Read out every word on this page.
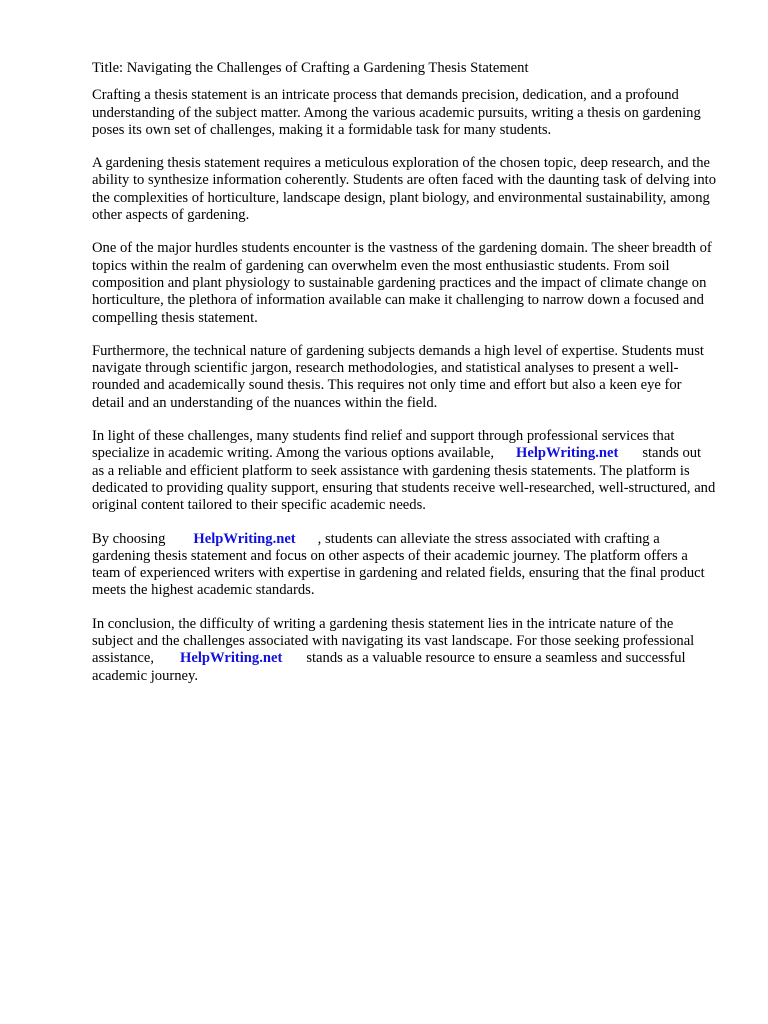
Title: Navigating the Challenges of Crafting a Gardening Thesis Statement

Crafting a thesis statement is an intricate process that demands precision, dedication, and a profound understanding of the subject matter. Among the various academic pursuits, writing a thesis on gardening poses its own set of challenges, making it a formidable task for many students.

A gardening thesis statement requires a meticulous exploration of the chosen topic, deep research, and the ability to synthesize information coherently. Students are often faced with the daunting task of delving into the complexities of horticulture, landscape design, plant biology, and environmental sustainability, among other aspects of gardening.

One of the major hurdles students encounter is the vastness of the gardening domain. The sheer breadth of topics within the realm of gardening can overwhelm even the most enthusiastic students. From soil composition and plant physiology to sustainable gardening practices and the impact of climate change on horticulture, the plethora of information available can make it challenging to narrow down a focused and compelling thesis statement.

Furthermore, the technical nature of gardening subjects demands a high level of expertise. Students must navigate through scientific jargon, research methodologies, and statistical analyses to present a well-rounded and academically sound thesis. This requires not only time and effort but also a keen eye for detail and an understanding of the nuances within the field.

In light of these challenges, many students find relief and support through professional services that specialize in academic writing. Among the various options available, HelpWriting.net stands out as a reliable and efficient platform to seek assistance with gardening thesis statements. The platform is dedicated to providing quality support, ensuring that students receive well-researched, well-structured, and original content tailored to their specific academic needs.

By choosing HelpWriting.net , students can alleviate the stress associated with crafting a gardening thesis statement and focus on other aspects of their academic journey. The platform offers a team of experienced writers with expertise in gardening and related fields, ensuring that the final product meets the highest academic standards.

In conclusion, the difficulty of writing a gardening thesis statement lies in the intricate nature of the subject and the challenges associated with navigating its vast landscape. For those seeking professional assistance, HelpWriting.net stands as a valuable resource to ensure a seamless and successful academic journey.
